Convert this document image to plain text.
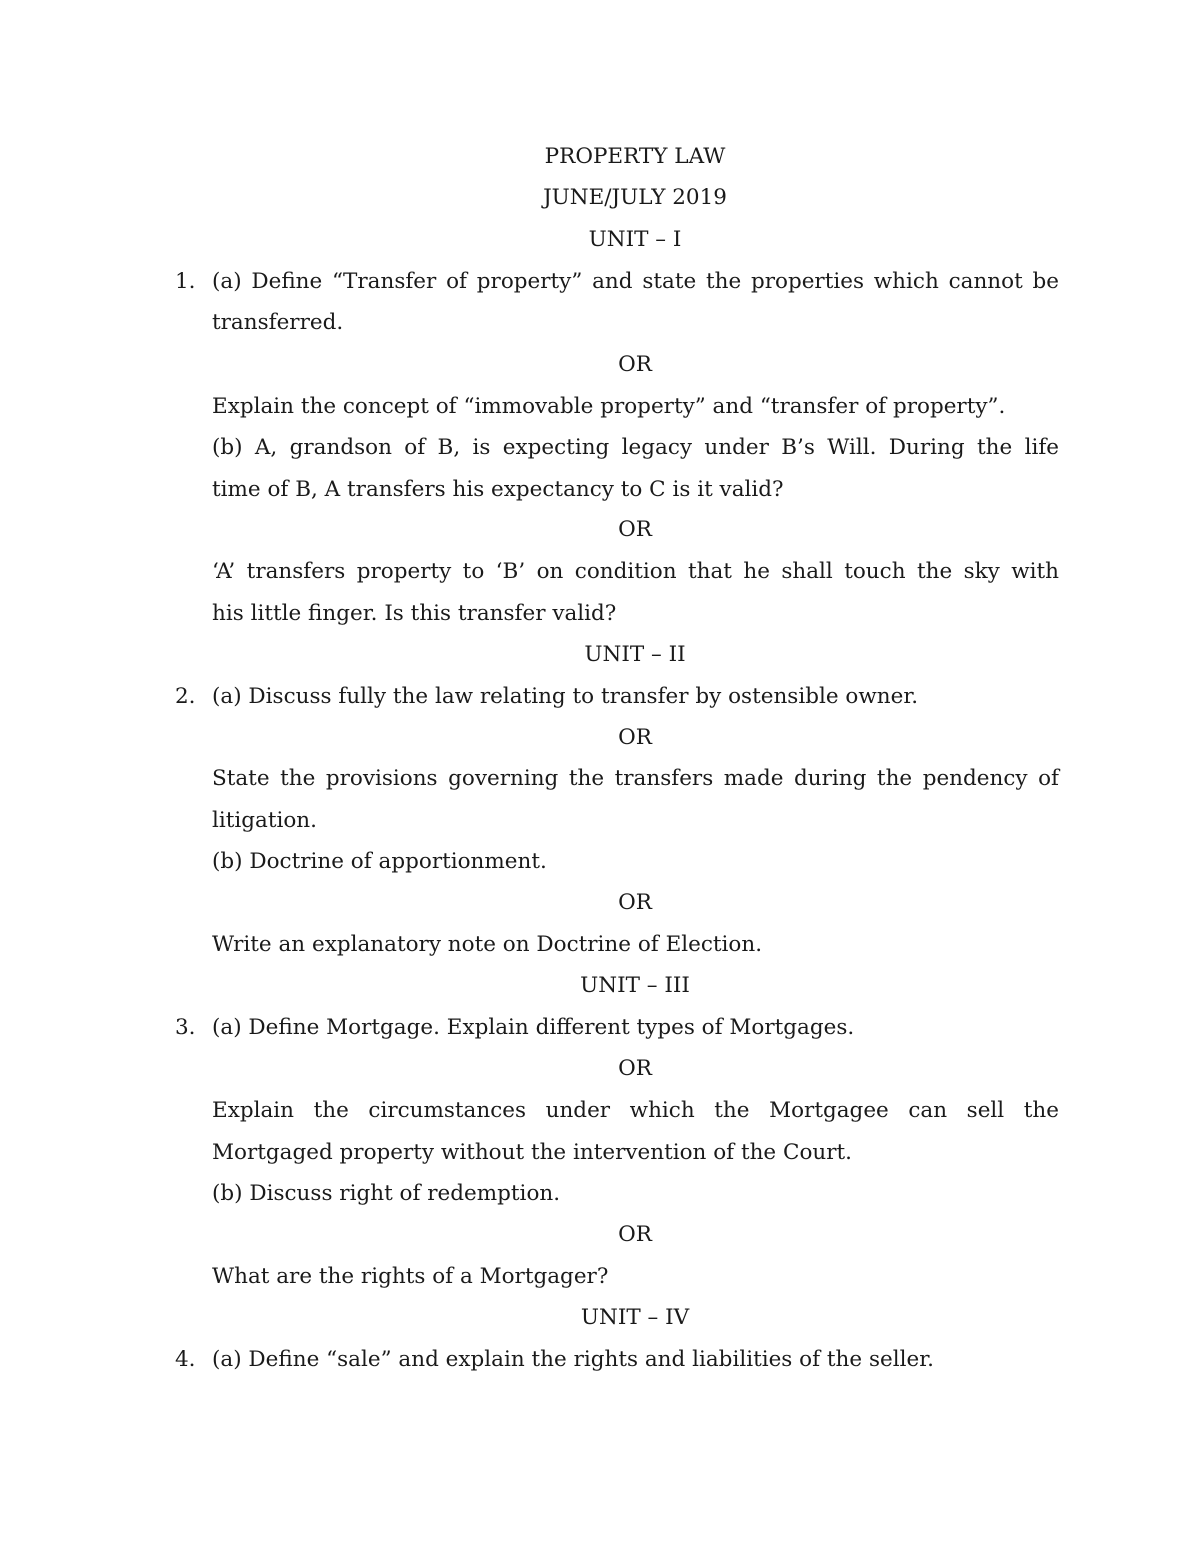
PROPERTY LAW
JUNE/JULY 2019
UNIT – I
1. (a) Define “Transfer of property” and state the properties which cannot be
transferred.
OR
Explain the concept of “immovable property” and “transfer of property”.
(b) A, grandson of B, is expecting legacy under B’s Will. During the life
time of B, A transfers his expectancy to C is it valid?
OR
‘A’ transfers property to ‘B’ on condition that he shall touch the sky with
his little finger. Is this transfer valid?
UNIT – II
2. (a) Discuss fully the law relating to transfer by ostensible owner.
OR
State the provisions governing the transfers made during the pendency of
litigation.
(b) Doctrine of apportionment.
OR
Write an explanatory note on Doctrine of Election.
UNIT – III
3. (a) Define Mortgage. Explain different types of Mortgages.
OR
Explain the circumstances under which the Mortgagee can sell the
Mortgaged property without the intervention of the Court.
(b) Discuss right of redemption.
OR
What are the rights of a Mortgager?
UNIT – IV
4. (a) Define “sale” and explain the rights and liabilities of the seller.
